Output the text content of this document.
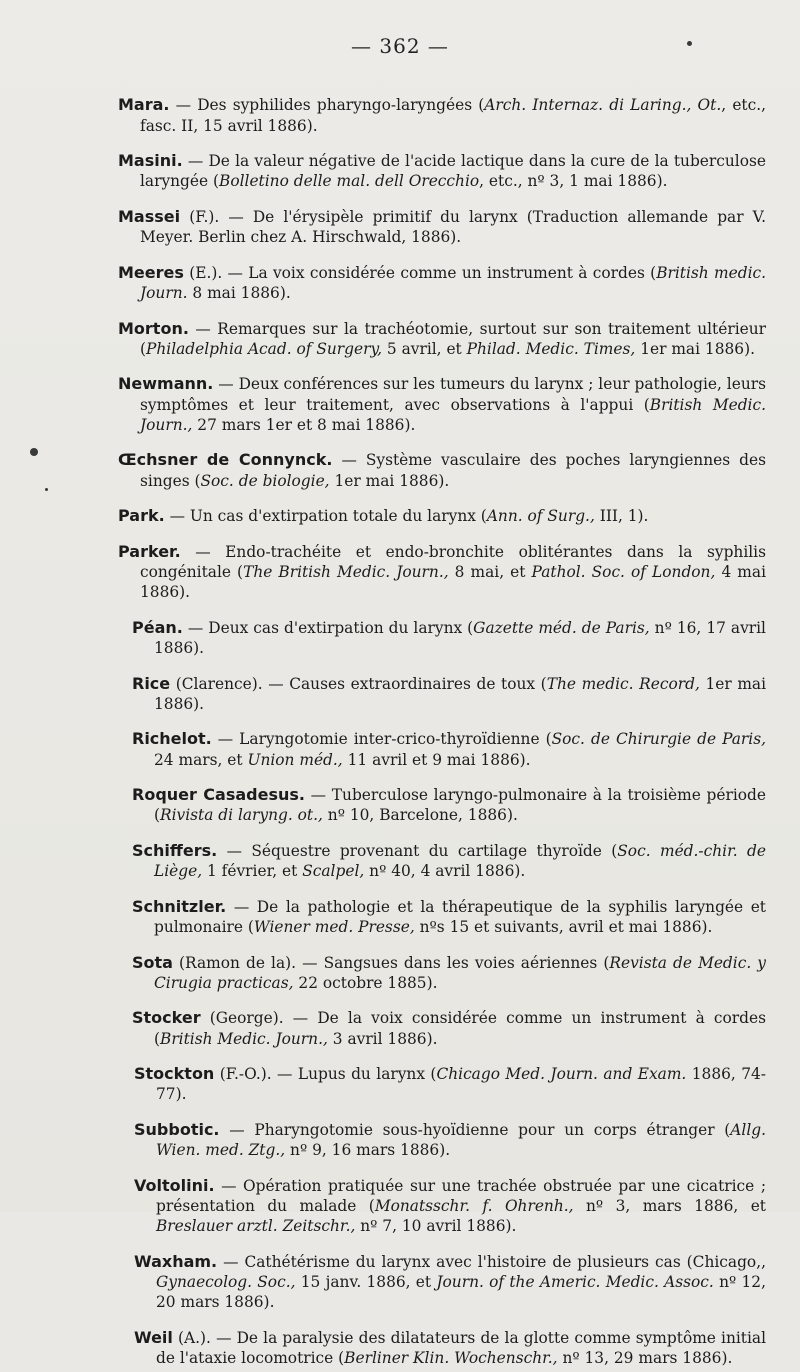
— 362 —

Mara. — Des syphilides pharyngo-laryngées (Arch. Internaz. di Laring., Ot., etc., fasc. II, 15 avril 1886).

Masini. — De la valeur négative de l'acide lactique dans la cure de la tuberculose laryngée (Bolletino delle mal. dell Orecchio, etc., nº 3, 1 mai 1886).

Massei (F.). — De l'érysipèle primitif du larynx (Traduction allemande par V. Meyer. Berlin chez A. Hirschwald, 1886).

Meeres (E.). — La voix considérée comme un instrument à cordes (British medic. Journ. 8 mai 1886).

Morton. — Remarques sur la trachéotomie, surtout sur son traitement ultérieur (Philadelphia Acad. of Surgery, 5 avril, et Philad. Medic. Times, 1er mai 1886).

Newmann. — Deux conférences sur les tumeurs du larynx ; leur pathologie, leurs symptômes et leur traitement, avec observations à l'appui (British Medic. Journ., 27 mars 1er et 8 mai 1886).

Œchsner de Connynck. — Système vasculaire des poches laryngiennes des singes (Soc. de biologie, 1er mai 1886).

Park. — Un cas d'extirpation totale du larynx (Ann. of Surg., III, 1).

Parker. — Endo-trachéite et endo-bronchite oblitérantes dans la syphilis congénitale (The British Medic. Journ., 8 mai, et Pathol. Soc. of London, 4 mai 1886).

Péan. — Deux cas d'extirpation du larynx (Gazette méd. de Paris, nº 16, 17 avril 1886).

Rice (Clarence). — Causes extraordinaires de toux (The medic. Record, 1er mai 1886).

Richelot. — Laryngotomie inter-crico-thyroïdienne (Soc. de Chirurgie de Paris, 24 mars, et Union méd., 11 avril et 9 mai 1886).

Roquer Casadesus. — Tuberculose laryngo-pulmonaire à la troisième période (Rivista di laryng. ot., nº 10, Barcelone, 1886).

Schiffers. — Séquestre provenant du cartilage thyroïde (Soc. méd.-chir. de Liège, 1 février, et Scalpel, nº 40, 4 avril 1886).

Schnitzler. — De la pathologie et la thérapeutique de la syphilis laryngée et pulmonaire (Wiener med. Presse, nºs 15 et suivants, avril et mai 1886).

Sota (Ramon de la). — Sangsues dans les voies aériennes (Revista de Medic. y Cirugia practicas, 22 octobre 1885).

Stocker (George). — De la voix considérée comme un instrument à cordes (British Medic. Journ., 3 avril 1886).

Stockton (F.-O.). — Lupus du larynx (Chicago Med. Journ. and Exam. 1886, 74-77).

Subbotic. — Pharyngotomie sous-hyoïdienne pour un corps étranger (Allg. Wien. med. Ztg., nº 9, 16 mars 1886).

Voltolini. — Opération pratiquée sur une trachée obstruée par une cicatrice ; présentation du malade (Monatsschr. f. Ohrenh., nº 3, mars 1886, et Breslauer arztl. Zeitschr., nº 7, 10 avril 1886).

Waxham. — Cathétérisme du larynx avec l'histoire de plusieurs cas (Chicago,, Gynaecolog. Soc., 15 janv. 1886, et Journ. of the Americ. Medic. Assoc. nº 12, 20 mars 1886).

Weil (A.). — De la paralysie des dilatateurs de la glotte comme symptôme initial de l'ataxie locomotrice (Berliner Klin. Wochenschr., nº 13, 29 mars 1886).
